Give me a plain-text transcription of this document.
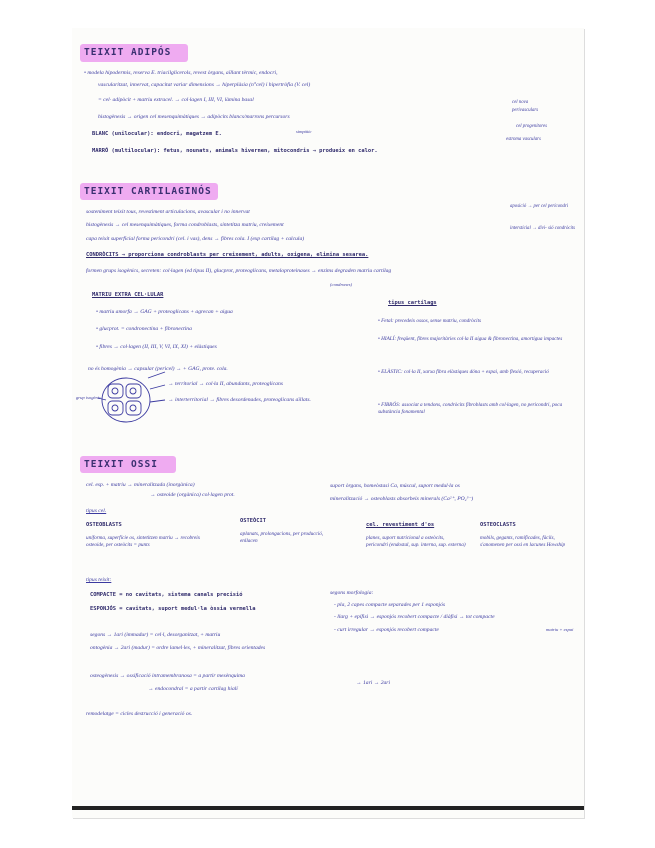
TEIXIT ADIPÓS
• modela hipodermis, reserva E. triacilglicerols, revest òrgans, aïllant tèrmic, endocri,
vascularitzat, innervat, capacitat variar dimensions → hiperplàsia (n°cel) i hipertròfia (V. cel)
= cel· adipòcit + matriu extracel. → col·lagen I, III, VI, làmina basal
histogènesis → origen cel mesenquimàtiques → adipòcits blancs/marrons percursors
BLANC (unilocular): endocri, magatzem E.
MARRÓ (multilocular): fetus, nounats, animals hivernen, mitocondris → produeix en calor.
simpàtic
cel nova
perivasculars
cel progenitores
estroma vasculars
TEIXIT CARTILAGINÓS
sosteniment teixit tous, revestiment articulacions, avascular i no innervat
histogènesis → cel mesenquimàtiques, forma condroblasts, sintetitza matriu, creixement
capa teixit superficial forma pericondri (cel. i vas), dens → fibres cola. I (exp cartílag + calcula)
CONDRÒCITS → proporciona condroblasts per creixement, adults, oxigena, elimina sesarea.
formen grups isogènics, secreten: col·lagen (ed tipus II), glucprot, proteoglicans, metaloproteinases → enzims degraden matriu cartílag
aposició → per cel pericondri
intersticial → divi- sió condròcits
(condrones)
MATRIU EXTRA CEL·LULAR
• matriu amorfa → GAG + proteoglicans + agrecan + aigua
• glucprot. = condronectina + fibronectina
• fibres → col·lagen (II, III, V, VI, IX, XI) + elàstiques
no és homogènia → capsular (pericel) → + GAG, prote. cola.
→ territorial → col·la II, abundants, proteoglicans
→ interterritorial → fibres desordenades, proteoglicans aïllats.
grup isogènic
tipus cartílags
• Fetal: precedeix ossos, sense matriu, condròcits
• HIALÍ: freqüent, fibres majoritàries col·la II aigua & fibronectina, amortigua impactes
• ELÀSTIC: col·la II, xarxa fibra elàstiques dóna + espai, amb flexió, recuperació
• FIBRÓS: associat a tendons, condròcits fibroblasts amb col·lagen, no pericondri, poca substància fonamental
TEIXIT OSSI
cel. esp. + matriu → mineralitzada (inorgànica)
→ osteoide (orgànica) col·lagen prot.
suport òrgans, homeòstasi Ca, múscul, suport medul·la os
mineralització → osteoblasts absorbeix minerals (Ca²⁺, PO₄³⁻)
tipus cel.
OSTEOBLASTS
uniforma, superfície os, sintetitzen matriu → recobreix osteoide, per osteòcits = punts
OSTEÒCIT
aplanats, prolongacions, per producció, enllacen
cel. revestiment d'os
planes, suport nutricional a osteòcits, pericondri (endostal, sup. interna, sup. externa)
OSTEOCLASTS
mobils, gegants, ramificades, fàcils, s'anomenen per ossi en lacunes Howship
tipus teixit:
COMPACTE = no cavitats, sistema canals precisió
ESPONJÓS = cavitats, suport medul·la òssia vermella
segons morfologia:
- pla, 2 capes compacte separades per 1 esponjós
- llarg + epífisi → esponjós recobert compacte / diàfisi → tot compacte
- curt irregular → esponjós recobert compacte	matriu + espai
segons → 1ari (immadur) = cel·l, desorganitzat, + matriu
ontogènia → 2ari (madur) = ordre lamel·les, + mineralitzat, fibres orientades
osteogènesis → ossificació intramembranosa = a partir mesènquima
→ endocondral = a partir cartílag hialí
→ 1ari → 2ari
remodelatge = cicles destrucció i generació os.
